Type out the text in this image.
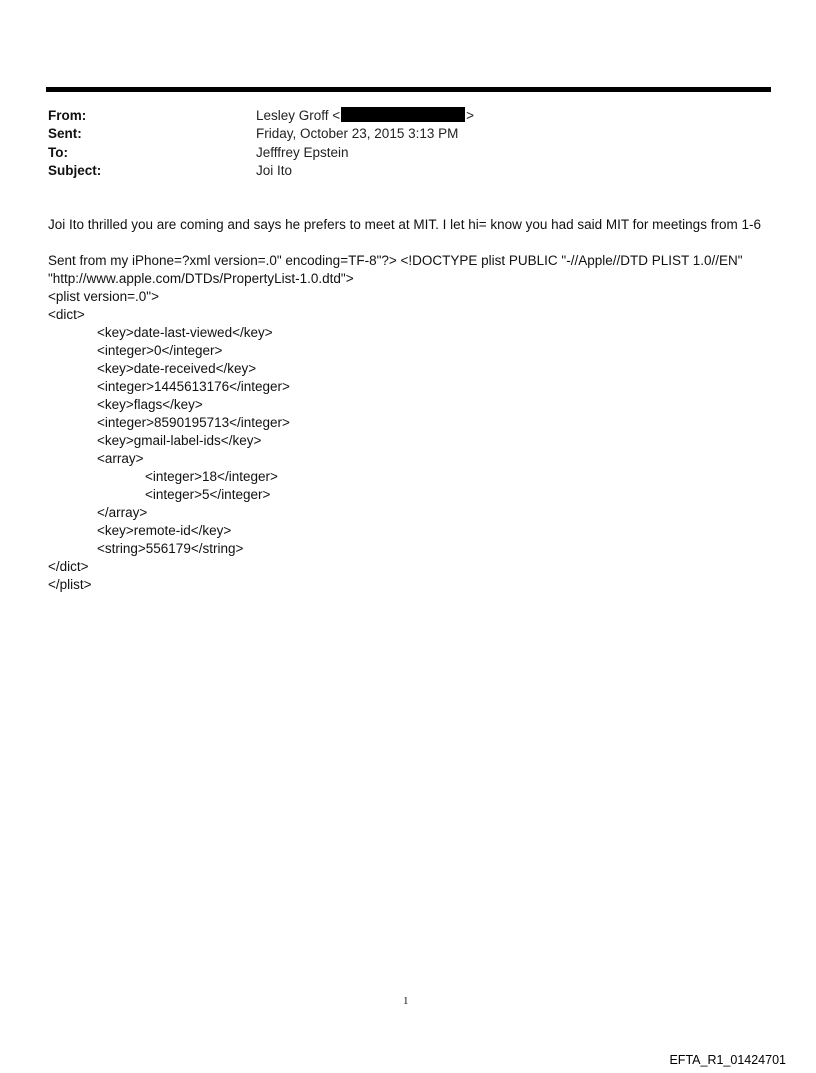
From:	Lesley Groff <	>
Sent:	Friday, October 23, 2015 3:13 PM
To:	Jefffrey Epstein
Subject:	Joi Ito
Joi Ito thrilled you are coming and says he prefers to meet at MIT. I let hi= know you had said MIT for meetings from 1-6
Sent from my iPhone=?xml version=.0" encoding=TF-8"?> <!DOCTYPE plist PUBLIC "-//Apple//DTD PLIST 1.0//EN"
"http://www.apple.com/DTDs/PropertyList-1.0.dtd">
<plist version=.0">
<dict>
<key>date-last-viewed</key>
<integer>0</integer>
<key>date-received</key>
<integer>1445613176</integer>
<key>flags</key>
<integer>8590195713</integer>
<key>gmail-label-ids</key>
<array>
<integer>18</integer>
<integer>5</integer>
</array>
<key>remote-id</key>
<string>556179</string>
</dict>
</plist>
1
EFTA_R1_01424701
